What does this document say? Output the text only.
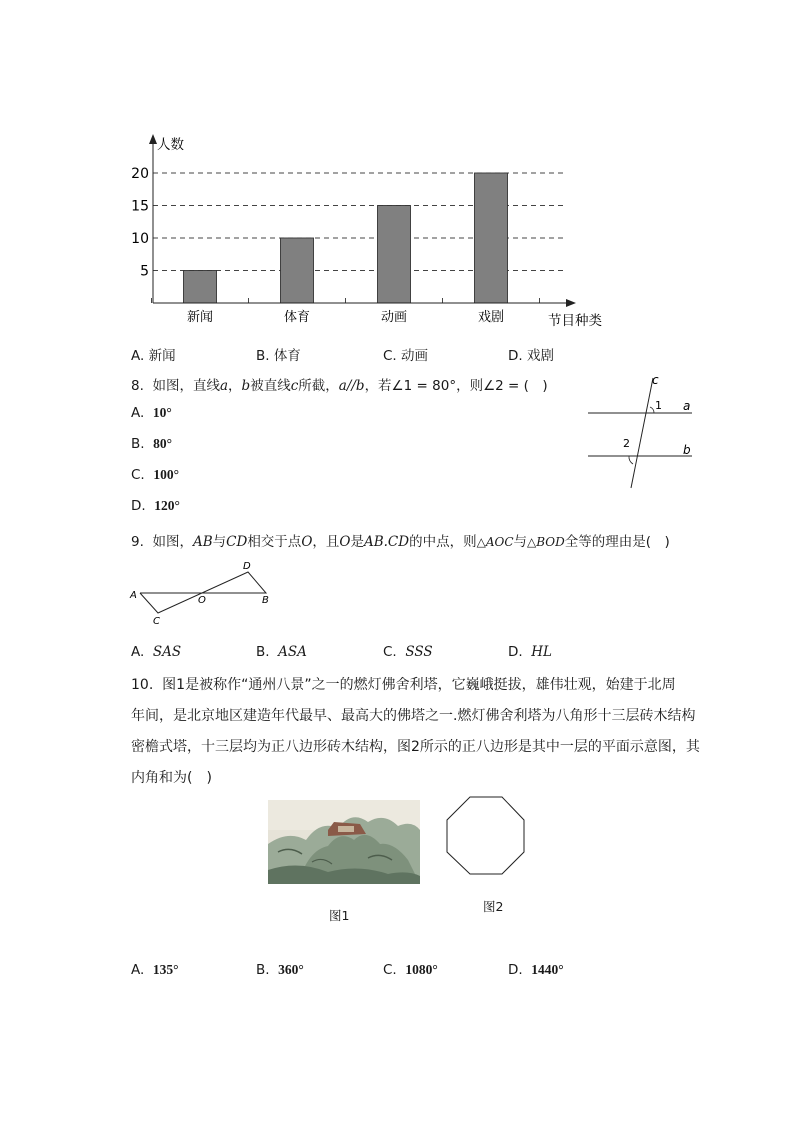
5
10
15
20
新闻	体育	动画	戏剧
人数
节目种类
A. 新闻	B. 体育	C. 动画	D. 戏剧
8. 如图，直线a，b被直线c所截，a//b，若∠1 = 80°，则∠2 = (　)
A. 10°
B. 80°
C. 100°
D. 120°
c
a
b
1
2
9. 如图，AB与CD相交于点O，且O是AB.CD的中点，则△AOC与△BOD全等的理由是(　)
A	B
C
D
O
A. SAS	B. ASA	C. SSS	D. HL
10. 图1是被称作“通州八景”之一的燃灯佛舍利塔，它巍峨挺拔，雄伟壮观，始建于北周
年间，是北京地区建造年代最早、最高大的佛塔之一.燃灯佛舍利塔为八角形十三层砖木结构
密檐式塔，十三层均为正八边形砖木结构，图2所示的正八边形是其中一层的平面示意图，其
内角和为(　)
图1
图2
A. 135°	B. 360°	C. 1080°	D. 1440°
